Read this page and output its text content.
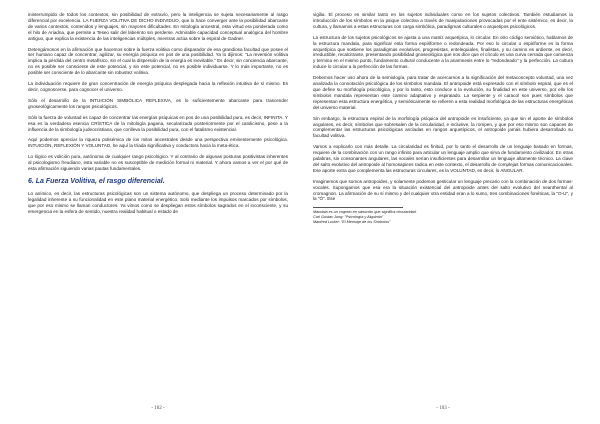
ininterrumpido de todos los contextos, sin posibilidad de extravío, pero la inteligencia se sujeta necesariamente al rasgo diferencial por excelencia. LA FUERZA VOLITIVA DE DICHO INDIVIDUO, que lo hace converger ante la posibilidad abarcante de varios contextos, contenidos y lenguajes, sin mayores dificultades. En mitología ancestral, esta virtud era ponderada como el hilo de Ariadna, que permite a Teseo salir del laberinto sin perderse. Admirable capacidad conceptual analógica del hombre antiguo, que explica la existencia de las inteligencias múltiples, mientras actúa sobre la espiral de Gadner.

Detengámonos en la afirmación que hacemos sobre la fuerza volitiva como disparador de esa grandiosa facultad que posee el ser humano capaz de concentrar, agilizar, su energía psíquica en pos de una posibilidad. Ya lo dijimos: "La reversión volitiva implica la pérdida del centro metafísico, sin el cual la dispersión de la energía es inevitable." Es decir, sin conciencia abarcante, no es posible ser consciente de este potencial, y sin este potencial, no es posible individuarse. Y lo más importante, no es posible ser consciente de lo abarcante sin robustez volitiva.

La individuación requiere de gran concentración de energía psíquica desplegada hacia la reflexión intuitiva de sí mismo. Es decir, cognoscerse, para cognocer el universo.

Sólo el desarrollo de la INTUICIÓN SIMBÓLICA REFLEXIVA, es lo suficientemente abarcante para trascender gnoseológicamente los rangos psicológicos.

Sólo la fuerza de voluntad es capaz de concentrar las energías psíquicas en pos de una posibilidad pura, es decir, INFINITA. Y esa es la verdadera esencia CRÍSTICA de la mitología pagana, secularizada posteriormente por el catolicismo, pese a la influencia de la simbología judeocristiana, que conlleva la posibilidad pura, con el fatalismo existencial.

Aquí podemos apreciar la riqueza polisémica de los mitos ancestrales desde una perspectiva eminentemente psicológica. INTUICIÓN, REFLEXIÓN Y VOLUNTAD, he aquí la tríada significativa y conductora hacia la meta-ética.

Lo lógico es volición pura, autónoma de cualquier rango psicológico. Y al contrario de algunas posturas positivistas inherentes al psicologismo freudiano, esta variable no es susceptible de medición formal ni material. Y ahora vamos a ver el por qué de esta afirmación siguiendo varias pautas fundamentales.

6. La Fuerza Volitiva, el rasgo diferencial.

Lo anímico, es decir, las estructuras psicológicas son un sistema autónomo, que despliega un proceso determinado por la legalidad inherente a su funcionalidad en este plano material energético. Solo mediante los impulsos marcados por símbolos, que por eso mismo se llaman conductores. Ya vimos como se despliegan estos símbolos sagrados en el inconsciente, y su emergencia en la esfera de sentido, nuestra realidad habitual o estado de

- 102 -

vigilia. El proceso es similar tanto en los sujetos individuales como en los sujetos colectivos. También estudiamos la introducción de los símbolos en la psique colectiva a través de manipulaciones provocadas por el ente sistémico, es decir, la cultura, y llamamos a estas estructuras con carga simbólica, paradigmas culturales o arquetipos psicológicos.

La estructura de los sujetos psicológicos se ajusta a una matriz arquetípica, lo circular. En otro código semiótico, hablamos de la estructura mandala, para significar esta forma espiriforme o redondeada. Por eso lo circular o espiriforme es la forma arquetípica que sostiene los paradigmas evolutivos, progresistas, entelequiales, finalistas, y su camino es ardiente, es decir, irreductible, recalcitrante, presentando posibilidad gnoseológica que nos dice que el círculo es una curva cerrada que comienza y termina en el mismo punto, fundamento cultural conducente a la anamnesis entre lo "redondeado" y la perfección. La cultura induce lo circular a la perfección de las formas.

Debemos hacer uso ahora de la semiología, para tratar de acercarnos a la significación del metaconcepto voluntad, una vez analizada la connotación psicológica de los símbolos mandala. El antropoide está expresado con el símbolo espiral, que es el que define su morfología psicológica, y por lo tanto, esto conduce a la evolución, su finalidad en este universo, por ello los símbolos mandala representan este camino adaptativo y espiralado. La serpiente y el caracol son pues símbolos que representan esta estructura energética, y semióticamente se refieren a esta realidad morfológica de las estructuras energéticas del universo material.

Sin embargo, la estructura espiral de la morfología psíquica del antropoide es insuficiente, ya que sin el aporte de símbolos angulares, es decir, símbolos que sobresalen de la circularidad, e inclusive, la rompen, y que por eso mismo son capaces de complementar las estructuras psicológicas ancladas en rangos arquetípicos, el antropoide jamás hubiera desarrollado su facultad volitiva.

Vamos a explicarlo con más detalle. La circularidad es finitud, por lo tanto el desarrollo de un lenguaje basado en formas, requiere de la combinación con un rango infinito para articular un lenguaje amplio que sirva de fundamento civilizador. En otras palabras, sin consonantes angulares, las vocales serían insuficientes para desarrollar un lenguaje altamente técnico. La clave del salto evolutivo del antropoide al homosapiens radica en este contexto, el desarrollo de complejas formas comunicacionales. Ese aporte extra que complementa las estructuras circulares, es la VOLUNTAD, es decir, lo ANGULAR.

Imaginemos que somos antropoides, y solamente podemos gesticular un lenguaje precario con la combinación de dos formas-vocales. Supongamos que esa era la situación existencial del antropoide antes del salto evolutivo del neanthental al cromagnon. La afirmación de su sí mismo y del cualquier otra entidad eran a lo sumo, tres combinaciones fonéticas, la "O-U", y la "Ó". Ese

Mandala es un cogreto en sánscrito que significa circularidad.

Carl Gustav Jung: "Psicología y Alquimia"

Manfred Lurker: "El Mensaje de los Símbolos"

- 103 -
